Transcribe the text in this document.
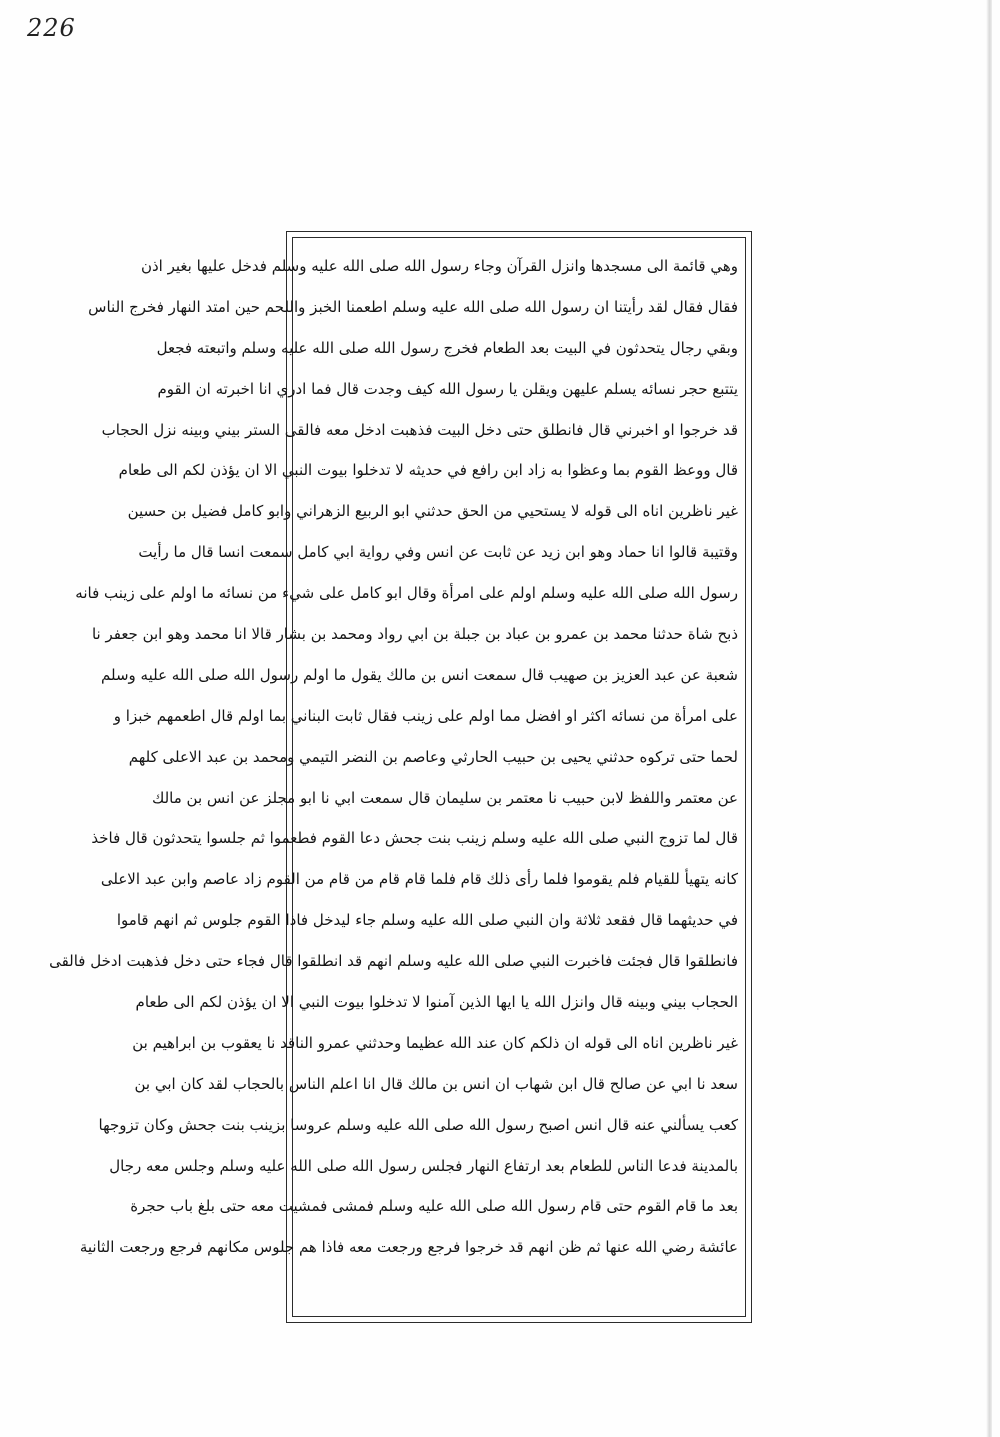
226
وهي قائمة الى مسجدها وانزل القرآن وجاء رسول الله صلى الله عليه وسلم فدخل عليها بغير اذن
فقال فقال لقد رأيتنا ان رسول الله صلى الله عليه وسلم اطعمنا الخبز واللحم حين امتد النهار فخرج الناس
وبقي رجال يتحدثون في البيت بعد الطعام فخرج رسول الله صلى الله عليه وسلم واتبعته فجعل
يتتبع حجر نسائه يسلم عليهن ويقلن يا رسول الله كيف وجدت قال فما ادري انا اخبرته ان القوم
قد خرجوا او اخبرني قال فانطلق حتى دخل البيت فذهبت ادخل معه فالقى الستر بيني وبينه نزل الحجاب
قال ووعظ القوم بما وعظوا به زاد ابن رافع في حديثه لا تدخلوا بيوت النبي الا ان يؤذن لكم الى طعام
غير ناظرين اناه الى قوله لا يستحيي من الحق حدثني ابو الربيع الزهراني وابو كامل فضيل بن حسين
وقتيبة قالوا انا حماد وهو ابن زيد عن ثابت عن انس وفي رواية ابي كامل سمعت انسا قال ما رأيت
رسول الله صلى الله عليه وسلم اولم على امرأة وقال ابو كامل على شيء من نسائه ما اولم على زينب فانه
ذبح شاة حدثنا محمد بن عمرو بن عباد بن جبلة بن ابي رواد ومحمد بن بشار قالا انا محمد وهو ابن جعفر نا
شعبة عن عبد العزيز بن صهيب قال سمعت انس بن مالك يقول ما اولم رسول الله صلى الله عليه وسلم
على امرأة من نسائه اكثر او افضل مما اولم على زينب فقال ثابت البناني بما اولم قال اطعمهم خبزا و
لحما حتى تركوه حدثني يحيى بن حبيب الحارثي وعاصم بن النضر التيمي ومحمد بن عبد الاعلى كلهم
عن معتمر واللفظ لابن حبيب نا معتمر بن سليمان قال سمعت ابي نا ابو مجلز عن انس بن مالك
قال لما تزوج النبي صلى الله عليه وسلم زينب بنت جحش دعا القوم فطعموا ثم جلسوا يتحدثون قال فاخذ
كانه يتهيأ للقيام فلم يقوموا فلما رأى ذلك قام فلما قام قام من قام من القوم زاد عاصم وابن عبد الاعلى
في حديثهما قال فقعد ثلاثة وان النبي صلى الله عليه وسلم جاء ليدخل فاذا القوم جلوس ثم انهم قاموا
فانطلقوا قال فجئت فاخبرت النبي صلى الله عليه وسلم انهم قد انطلقوا قال فجاء حتى دخل فذهبت ادخل فالقى
الحجاب بيني وبينه قال وانزل الله يا ايها الذين آمنوا لا تدخلوا بيوت النبي الا ان يؤذن لكم الى طعام
غير ناظرين اناه الى قوله ان ذلكم كان عند الله عظيما وحدثني عمرو الناقد نا يعقوب بن ابراهيم بن
سعد نا ابي عن صالح قال ابن شهاب ان انس بن مالك قال انا اعلم الناس بالحجاب لقد كان ابي بن
كعب يسألني عنه قال انس اصبح رسول الله صلى الله عليه وسلم عروسا بزينب بنت جحش وكان تزوجها
بالمدينة فدعا الناس للطعام بعد ارتفاع النهار فجلس رسول الله صلى الله عليه وسلم وجلس معه رجال
بعد ما قام القوم حتى قام رسول الله صلى الله عليه وسلم فمشى فمشيت معه حتى بلغ باب حجرة
عائشة رضي الله عنها ثم ظن انهم قد خرجوا فرجع ورجعت معه فاذا هم جلوس مكانهم فرجع ورجعت الثانية
